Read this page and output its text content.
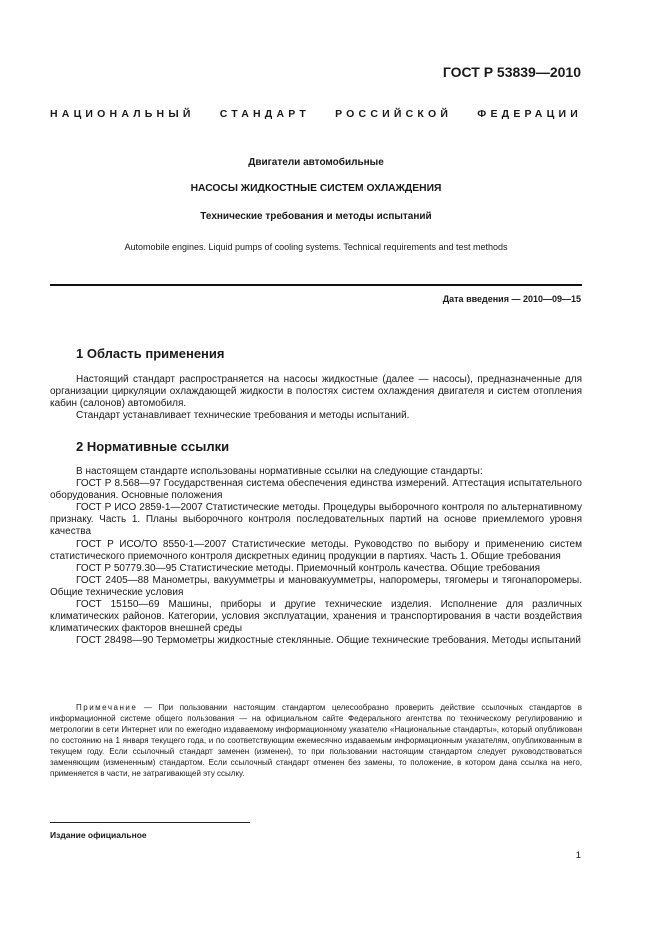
ГОСТ Р 53839—2010
НАЦИОНАЛЬНЫЙ СТАНДАРТ РОССИЙСКОЙ ФЕДЕРАЦИИ
Двигатели автомобильные
НАСОСЫ ЖИДКОСТНЫЕ СИСТЕМ ОХЛАЖДЕНИЯ
Технические требования и методы испытаний
Automobile engines. Liquid pumps of cooling systems. Technical requirements and test methods
Дата введения — 2010—09—15
1 Область применения

Настоящий стандарт распространяется на насосы жидкостные (далее — насосы), предназначенные для организации циркуляции охлаждающей жидкости в полостях систем охлаждения двигателя и систем отопления кабин (салонов) автомобиля.

Стандарт устанавливает технические требования и методы испытаний.

2 Нормативные ссылки

В настоящем стандарте использованы нормативные ссылки на следующие стандарты:

ГОСТ Р 8.568—97 Государственная система обеспечения единства измерений. Аттестация испытательного оборудования. Основные положения

ГОСТ Р ИСО 2859-1—2007 Статистические методы. Процедуры выборочного контроля по альтернативному признаку. Часть 1. Планы выборочного контроля последовательных партий на основе приемлемого уровня качества

ГОСТ Р ИСО/ТО 8550-1—2007 Статистические методы. Руководство по выбору и применению систем статистического приемочного контроля дискретных единиц продукции в партиях. Часть 1. Общие требования

ГОСТ Р 50779.30—95 Статистические методы. Приемочный контроль качества. Общие требования

ГОСТ 2405—88 Манометры, вакуумметры и мановакуумметры, напоромеры, тягомеры и тягонапоромеры. Общие технические условия

ГОСТ 15150—69 Машины, приборы и другие технические изделия. Исполнение для различных климатических районов. Категории, условия эксплуатации, хранения и транспортирования в части воздействия климатических факторов внешней среды

ГОСТ 28498—90 Термометры жидкостные стеклянные. Общие технические требования. Методы испытаний

Примечание — При пользовании настоящим стандартом целесообразно проверить действие ссылочных стандартов в информационной системе общего пользования — на официальном сайте Федерального агентства по техническому регулированию и метрологии в сети Интернет или по ежегодно издаваемому информационному указателю «Национальные стандарты», который опубликован по состоянию на 1 января текущего года, и по соответствующим ежемесячно издаваемым информационным указателям, опубликованным в текущем году. Если ссылочный стандарт заменен (изменен), то при пользовании настоящим стандартом следует руководствоваться заменяющим (измененным) стандартом. Если ссылочный стандарт отменен без замены, то положение, в котором дана ссылка на него, применяется в части, не затрагивающей эту ссылку.

Издание официальное
1
